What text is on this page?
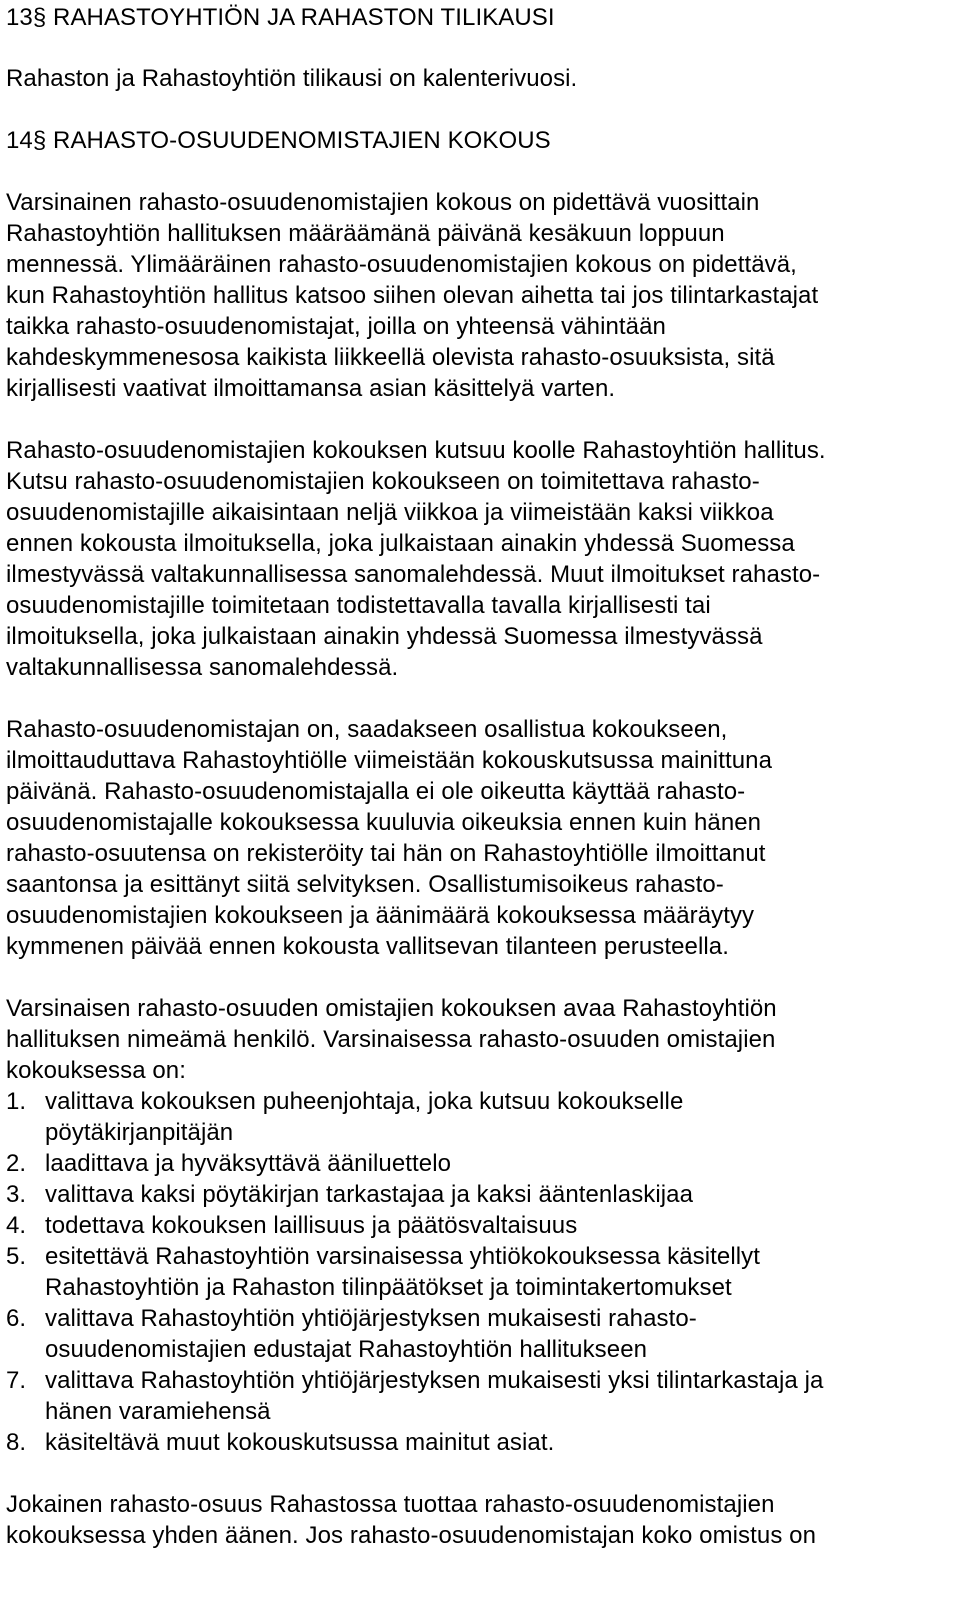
13§ RAHASTOYHTIÖN JA RAHASTON TILIKAUSI
Rahaston ja Rahastoyhtiön tilikausi on kalenterivuosi.
14§ RAHASTO-OSUUDENOMISTAJIEN KOKOUS
Varsinainen rahasto-osuudenomistajien kokous on pidettävä vuosittain
Rahastoyhtiön hallituksen määräämänä päivänä kesäkuun loppuun
mennessä. Ylimääräinen rahasto-osuudenomistajien kokous on pidettävä,
kun Rahastoyhtiön hallitus katsoo siihen olevan aihetta tai jos tilintarkastajat
taikka rahasto-osuudenomistajat, joilla on yhteensä vähintään
kahdeskymmenesosa kaikista liikkeellä olevista rahasto-osuuksista, sitä
kirjallisesti vaativat ilmoittamansa asian käsittelyä varten.
Rahasto-osuudenomistajien kokouksen kutsuu koolle Rahastoyhtiön hallitus.
Kutsu rahasto-osuudenomistajien kokoukseen on toimitettava rahasto-
osuudenomistajille aikaisintaan neljä viikkoa ja viimeistään kaksi viikkoa
ennen kokousta ilmoituksella, joka julkaistaan ainakin yhdessä Suomessa
ilmestyvässä valtakunnallisessa sanomalehdessä. Muut ilmoitukset rahasto-
osuudenomistajille toimitetaan todistettavalla tavalla kirjallisesti tai
ilmoituksella, joka julkaistaan ainakin yhdessä Suomessa ilmestyvässä
valtakunnallisessa sanomalehdessä.
Rahasto-osuudenomistajan on, saadakseen osallistua kokoukseen,
ilmoittauduttava Rahastoyhtiölle viimeistään kokouskutsussa mainittuna
päivänä. Rahasto-osuudenomistajalla ei ole oikeutta käyttää rahasto-
osuudenomistajalle kokouksessa kuuluvia oikeuksia ennen kuin hänen
rahasto-osuutensa on rekisteröity tai hän on Rahastoyhtiölle ilmoittanut
saantonsa ja esittänyt siitä selvityksen. Osallistumisoikeus rahasto-
osuudenomistajien kokoukseen ja äänimäärä kokouksessa määräytyy
kymmenen päivää ennen kokousta vallitsevan tilanteen perusteella.
Varsinaisen rahasto-osuuden omistajien kokouksen avaa Rahastoyhtiön
hallituksen nimeämä henkilö. Varsinaisessa rahasto-osuuden omistajien
kokouksessa on:
1. valittava kokouksen puheenjohtaja, joka kutsuu kokoukselle
pöytäkirjanpitäjän
2. laadittava ja hyväksyttävä ääniluettelo
3. valittava kaksi pöytäkirjan tarkastajaa ja kaksi ääntenlaskijaa
4. todettava kokouksen laillisuus ja päätösvaltaisuus
5. esitettävä Rahastoyhtiön varsinaisessa yhtiökokouksessa käsitellyt
Rahastoyhtiön ja Rahaston tilinpäätökset ja toimintakertomukset
6. valittava Rahastoyhtiön yhtiöjärjestyksen mukaisesti rahasto-
osuudenomistajien edustajat Rahastoyhtiön hallitukseen
7. valittava Rahastoyhtiön yhtiöjärjestyksen mukaisesti yksi tilintarkastaja ja
hänen varamiehensä
8. käsiteltävä muut kokouskutsussa mainitut asiat.
Jokainen rahasto-osuus Rahastossa tuottaa rahasto-osuudenomistajien
kokouksessa yhden äänen. Jos rahasto-osuudenomistajan koko omistus on
